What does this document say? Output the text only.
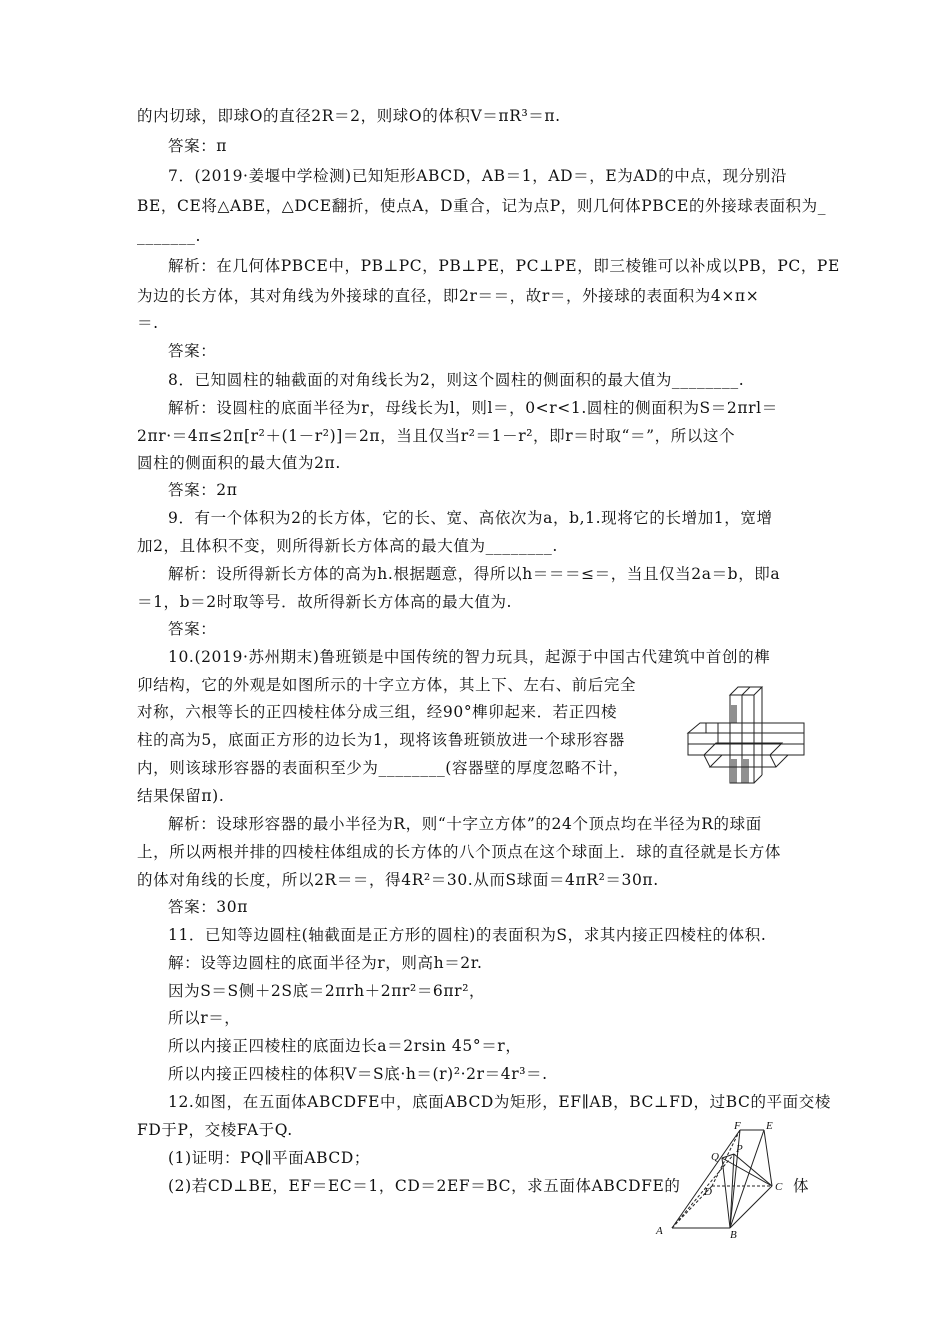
的内切球，即球O的直径2R＝2，则球O的体积V＝πR³＝π.
答案：π
7．(2019·姜堰中学检测)已知矩形ABCD，AB＝1，AD＝，E为AD的中点，现分别沿
BE，CE将△ABE，△DCE翻折，使点A，D重合，记为点P，则几何体PBCE的外接球表面积为_
_______.
解析：在几何体PBCE中，PB⊥PC，PB⊥PE，PC⊥PE，即三棱锥可以补成以PB，PC，PE
为边的长方体，其对角线为外接球的直径，即2r＝＝，故r＝，外接球的表面积为4×π×
＝.
答案：
8．已知圆柱的轴截面的对角线长为2，则这个圆柱的侧面积的最大值为________.
解析：设圆柱的底面半径为r，母线长为l，则l＝，0<r<1.圆柱的侧面积为S＝2πrl＝
2πr·＝4π≤2π[r²＋(1－r²)]＝2π，当且仅当r²＝1－r²，即r＝时取“＝”，所以这个
圆柱的侧面积的最大值为2π.
答案：2π
9．有一个体积为2的长方体，它的长、宽、高依次为a，b,1.现将它的长增加1，宽增
加2，且体积不变，则所得新长方体高的最大值为________.
解析：设所得新长方体的高为h.根据题意，得所以h＝＝＝≤＝，当且仅当2a＝b，即a
＝1，b＝2时取等号．故所得新长方体高的最大值为.
答案：
10.(2019·苏州期末)鲁班锁是中国传统的智力玩具，起源于中国古代建筑中首创的榫
卯结构，它的外观是如图所示的十字立方体，其上下、左右、前后完全
对称，六根等长的正四棱柱体分成三组，经90°榫卯起来．若正四棱
柱的高为5，底面正方形的边长为1，现将该鲁班锁放进一个球形容器
内，则该球形容器的表面积至少为________(容器壁的厚度忽略不计，
结果保留π).
解析：设球形容器的最小半径为R，则“十字立方体”的24个顶点均在半径为R的球面
上，所以两根并排的四棱柱体组成的长方体的八个顶点在这个球面上．球的直径就是长方体
的体对角线的长度，所以2R＝＝，得4R²＝30.从而S球面＝4πR²＝30π.
答案：30π
11．已知等边圆柱(轴截面是正方形的圆柱)的表面积为S，求其内接正四棱柱的体积.
解：设等边圆柱的底面半径为r，则高h＝2r.
因为S＝S侧＋2S底＝2πrh＋2πr²＝6πr²，
所以r＝，
所以内接正四棱柱的底面边长a＝2rsin 45°＝r，
所以内接正四棱柱的体积V＝S底·h＝(r)²·2r＝4r³＝.
12.如图，在五面体ABCDFE中，底面ABCD为矩形，EF∥AB，BC⊥FD，过BC的平面交棱
FD于P，交棱FA于Q.
(1)证明：PQ∥平面ABCD；
(2)若CD⊥BE，EF＝EC＝1，CD＝2EF＝BC，求五面体ABCDFE的	体
F E
Q
P
D	C
A	B
